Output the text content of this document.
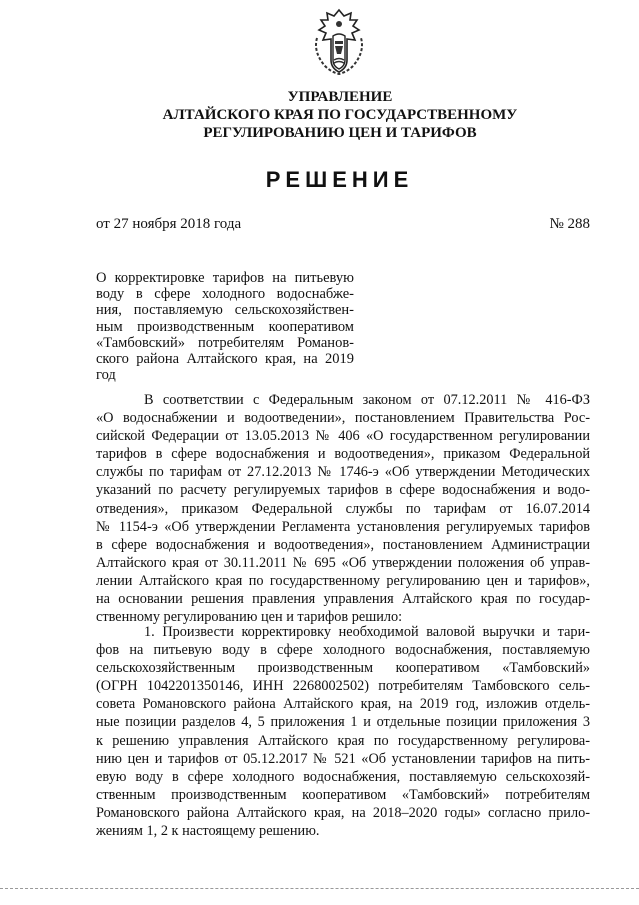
УПРАВЛЕНИЕ
АЛТАЙСКОГО КРАЯ ПО ГОСУДАРСТВЕННОМУ
РЕГУЛИРОВАНИЮ ЦЕН И ТАРИФОВ
РЕШЕНИЕ
от 27 ноября 2018 года	№ 288
О корректировке тарифов на питьевую
воду в сфере холодного водоснабже-
ния, поставляемую сельскохозяйствен-
ным производственным кооперативом
«Тамбовский» потребителям Романов-
ского района Алтайского края, на 2019
год
В соответствии с Федеральным законом от 07.12.2011 № 416-ФЗ
«О водоснабжении и водоотведении», постановлением Правительства Рос-
сийской Федерации от 13.05.2013 № 406 «О государственном регулировании
тарифов в сфере водоснабжения и водоотведения», приказом Федеральной
службы по тарифам от 27.12.2013 № 1746-э «Об утверждении Методических
указаний по расчету регулируемых тарифов в сфере водоснабжения и водо-
отведения», приказом Федеральной службы по тарифам от 16.07.2014
№ 1154-э «Об утверждении Регламента установления регулируемых тарифов
в сфере водоснабжения и водоотведения», постановлением Администрации
Алтайского края от 30.11.2011 № 695 «Об утверждении положения об управ-
лении Алтайского края по государственному регулированию цен и тарифов»,
на основании решения правления управления Алтайского края по государ-
ственному регулированию цен и тарифов решило:
1. Произвести корректировку необходимой валовой выручки и тари-
фов на питьевую воду в сфере холодного водоснабжения, поставляемую
сельскохозяйственным производственным кооперативом «Тамбовский»
(ОГРН 1042201350146, ИНН 2268002502) потребителям Тамбовского сель-
совета Романовского района Алтайского края, на 2019 год, изложив отдель-
ные позиции разделов 4, 5 приложения 1 и отдельные позиции приложения 3
к решению управления Алтайского края по государственному регулирова-
нию цен и тарифов от 05.12.2017 № 521 «Об установлении тарифов на пить-
евую воду в сфере холодного водоснабжения, поставляемую сельскохозяй-
ственным производственным кооперативом «Тамбовский» потребителям
Романовского района Алтайского края, на 2018–2020 годы» согласно прило-
жениям 1, 2 к настоящему решению.
